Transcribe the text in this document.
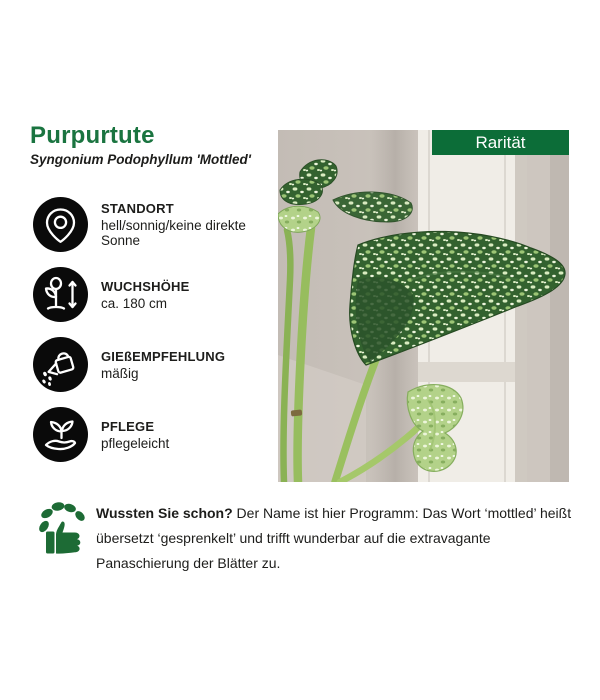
Purpurtute
Syngonium Podophyllum 'Mottled'
Rarität
STANDORT
hell/sonnig/keine direkte Sonne
WUCHSHÖHE
ca. 180 cm
GIEßEMPFEHLUNG
mäßig
PFLEGE
pflegeleicht
Wussten Sie schon? Der Name ist hier Programm: Das Wort ‘mottled’ heißt übersetzt ‘gesprenkelt’ und trifft wunderbar auf die extravagante Panaschierung der Blätter zu.
